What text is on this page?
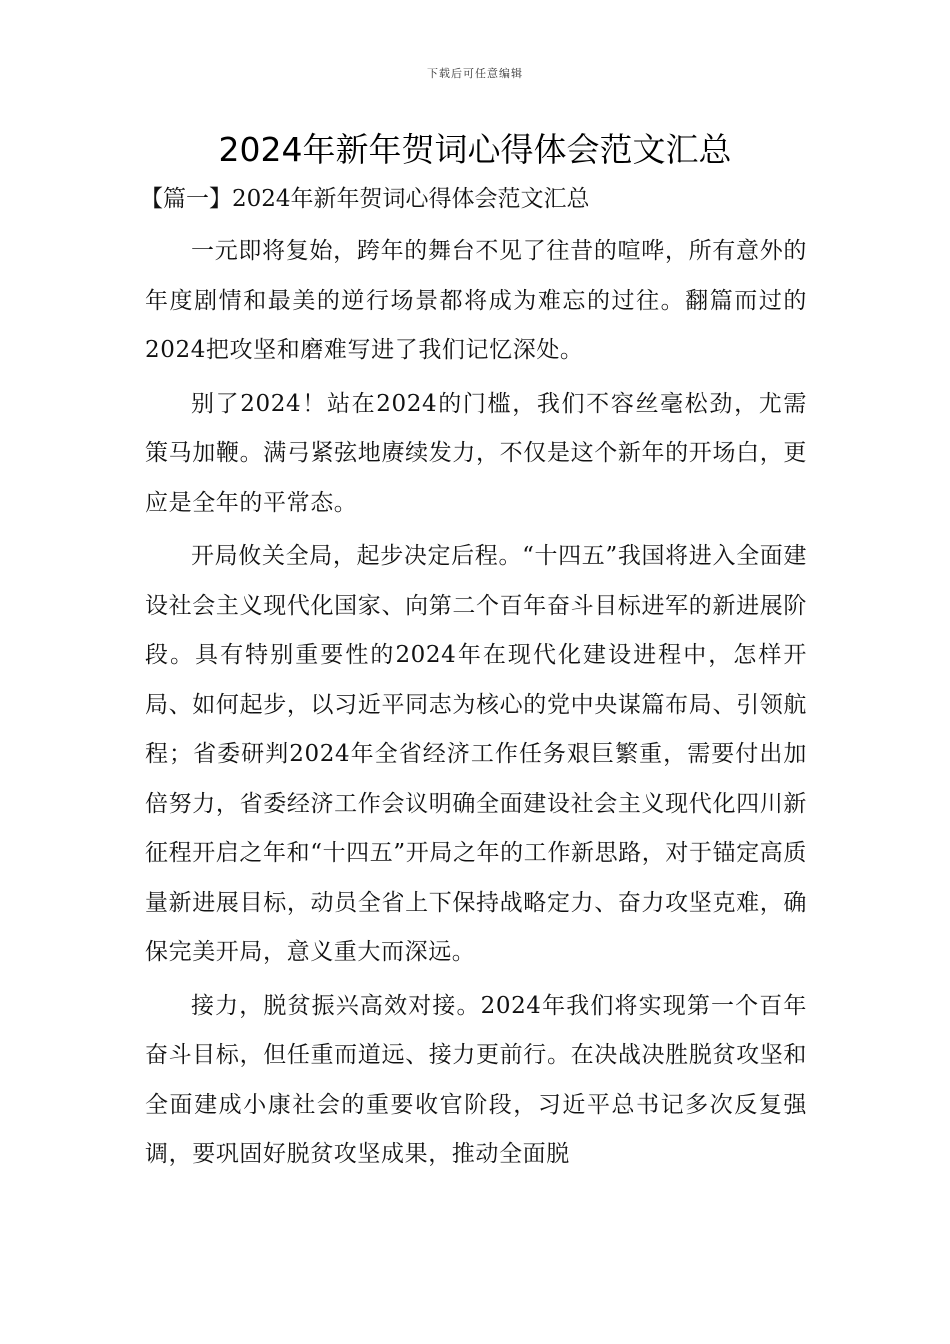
下载后可任意编辑
2024年新年贺词心得体会范文汇总
【篇一】2024年新年贺词心得体会范文汇总

一元即将复始，跨年的舞台不见了往昔的喧哗，所有意外的年度剧情和最美的逆行场景都将成为难忘的过往。翻篇而过的2024把攻坚和磨难写进了我们记忆深处。

别了2024！站在2024的门槛，我们不容丝毫松劲，尤需策马加鞭。满弓紧弦地赓续发力，不仅是这个新年的开场白，更应是全年的平常态。

开局攸关全局，起步决定后程。“十四五”我国将进入全面建设社会主义现代化国家、向第二个百年奋斗目标进军的新进展阶段。具有特别重要性的2024年在现代化建设进程中，怎样开局、如何起步，以习近平同志为核心的党中央谋篇布局、引领航程；省委研判2024年全省经济工作任务艰巨繁重，需要付出加倍努力，省委经济工作会议明确全面建设社会主义现代化四川新征程开启之年和“十四五”开局之年的工作新思路，对于锚定高质量新进展目标，动员全省上下保持战略定力、奋力攻坚克难，确保完美开局，意义重大而深远。

接力，脱贫振兴高效对接。2024年我们将实现第一个百年奋斗目标，但任重而道远、接力更前行。在决战决胜脱贫攻坚和全面建成小康社会的重要收官阶段，习近平总书记多次反复强调，要巩固好脱贫攻坚成果，推动全面脱
